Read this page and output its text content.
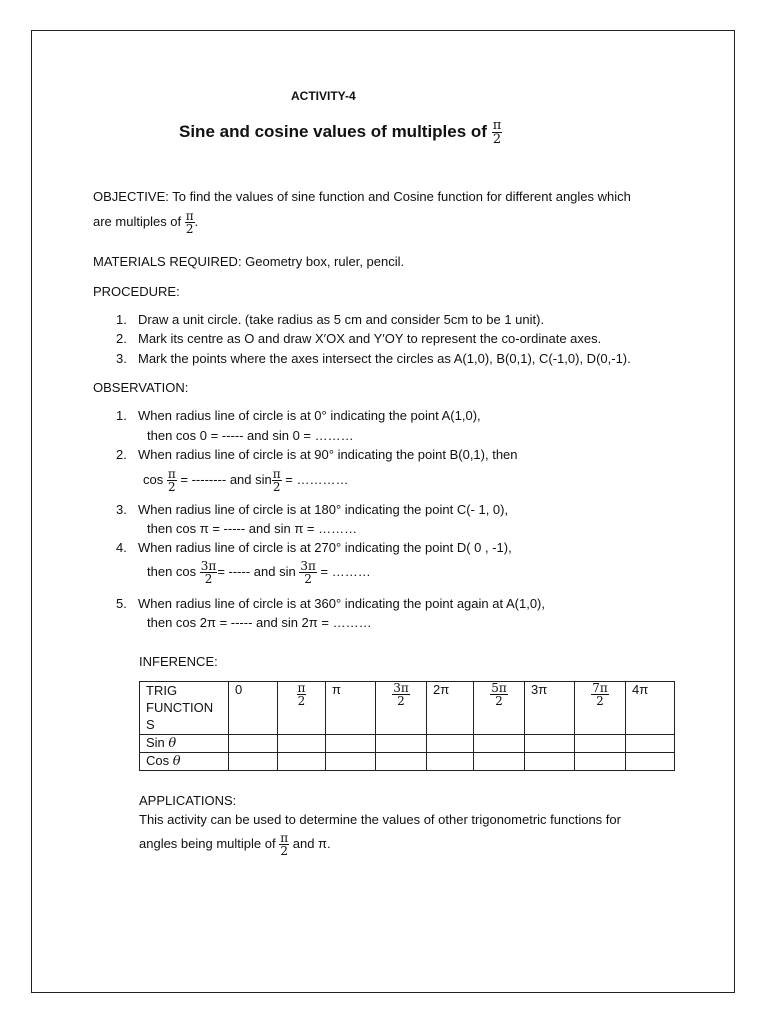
ACTIVITY-4
Sine and cosine values of multiples of $\frac{\pi}{2}$
OBJECTIVE: To find the values of sine function and Cosine function for different angles which
are multiples of $\frac{\pi}{2}$ .
MATERIALS REQUIRED: Geometry box, ruler, pencil.
PROCEDURE:
1. Draw a unit circle. (take radius as 5 cm and consider 5cm to be 1 unit).
2. Mark its centre as O and draw X′OX and Y′OY to represent the co-ordinate axes.
3. Mark the points where the axes intersect the circles as A(1,0), B(0,1), C(-1,0), D(0,-1).
OBSERVATION:
1. When radius line of circle is at 0° indicating the point A(1,0),
then cos 0 = ----- and sin 0 = ………
2. When radius line of circle is at 90° indicating the point B(0,1), then
$\cos \frac{\pi}{2}$ = -------- and $\sin \frac{\pi}{2}$ = …………
3. When radius line of circle is at 180° indicating the point C(- 1, 0),
then cos π = ----- and sin π = ………
4. When radius line of circle is at 270° indicating the point D( 0 , -1),
then $\cos \frac{3\pi}{2}$ = ----- and $\sin \frac{3\pi}{2}$ = ………
5. When radius line of circle is at 360° indicating the point again at A(1,0),
then cos 2π = ----- and sin 2π = ………
INFERENCE:
TRIG
FUNCTION
S	0	$\frac{\pi}{2}$	π	$\frac{3\pi}{2}$	2π	$\frac{5\pi}{2}$	3π	$\frac{7\pi}{2}$	4π
Sin θ									
Cos θ									
APPLICATIONS:
This activity can be used to determine the values of other trigonometric functions for
angles being multiple of $\frac{\pi}{2}$ and π.
